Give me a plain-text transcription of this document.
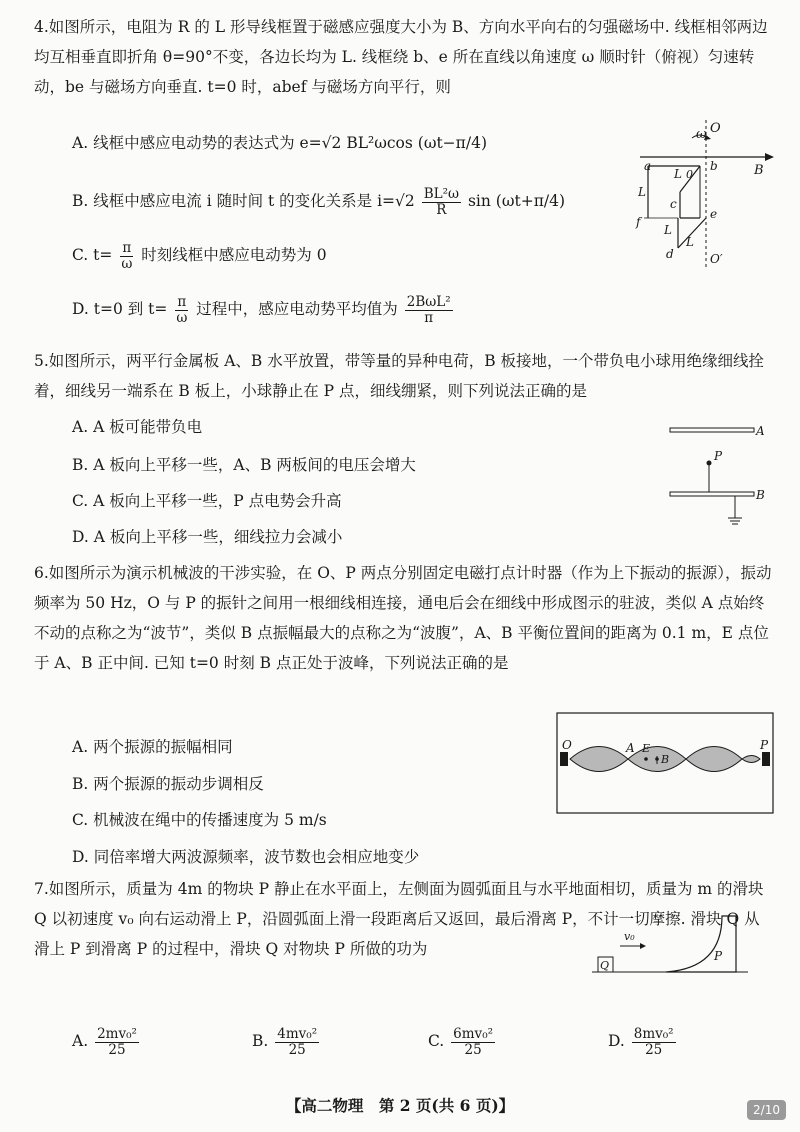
4.如图所示，电阻为 R 的 L 形导线框置于磁感应强度大小为 B、方向水平向右的匀强磁场中. 线框相邻两边均互相垂直即折角 θ=90°不变，各边长均为 L. 线框绕 b、e 所在直线以角速度 ω 顺时针（俯视）匀速转动，be 与磁场方向垂直. t=0 时，abef 与磁场方向平行，则
A. 线框中感应电动势的表达式为 e=√2 BL²ωcos (ωt−π/4)
B. 线框中感应电流 i 随时间 t 的变化关系是 $i=√2 \frac{\text{BL²ω}}{R}$ sin (ωt+π/4)
C. $t= \frac{\pi}{\omega}$ 时刻线框中感应电动势为 0
D. t=0 到 $t= \frac{\pi}{\omega}$ 过程中，感应电动势平均值为 $\frac{\text{2BωL²}}{\pi}$
ω O
a	b	B
L 0
L
c
f
e
L
L
d	O′
5.如图所示，两平行金属板 A、B 水平放置，带等量的异种电荷，B 板接地，一个带负电小球用绝缘细线拴着，细线另一端系在 B 板上，小球静止在 P 点，细线绷紧，则下列说法正确的是
A. A 板可能带负电
B. A 板向上平移一些，A、B 两板间的电压会增大
C. A 板向上平移一些，P 点电势会升高
D. A 板向上平移一些，细线拉力会减小
A
P
B
6.如图所示为演示机械波的干涉实验，在 O、P 两点分别固定电磁打点计时器（作为上下振动的振源），振动频率为 50 Hz，O 与 P 的振针之间用一根细线相连接，通电后会在细线中形成图示的驻波，类似 A 点始终不动的点称之为“波节”，类似 B 点振幅最大的点称之为“波腹”，A、B 平衡位置间的距离为 0.1 m，E 点位于 A、B 正中间. 已知 t=0 时刻 B 点正处于波峰，下列说法正确的是
A. 两个振源的振幅相同
B. 两个振源的振动步调相反
C. 机械波在绳中的传播速度为 5 m/s
D. 同倍率增大两波源频率，波节数也会相应地变少
O	A E
B
P
7.如图所示，质量为 4m 的物块 P 静止在水平面上，左侧面为圆弧面且与水平地面相切，质量为 m 的滑块 Q 以初速度 v₀ 向右运动滑上 P，沿圆弧面上滑一段距离后又返回，最后滑离 P，不计一切摩擦. 滑块 Q 从滑上 P 到滑离 P 的过程中，滑块 Q 对物块 P 所做的功为
v₀
Q
P
A. $\frac{\text{2mv₀²}}{25}$	B. $\frac{\text{4mv₀²}}{25}$	C. $\frac{\text{6mv₀²}}{25}$	D. $\frac{\text{8mv₀²}}{25}$
【高二物理　第 2 页(共 6 页)】	2/10
